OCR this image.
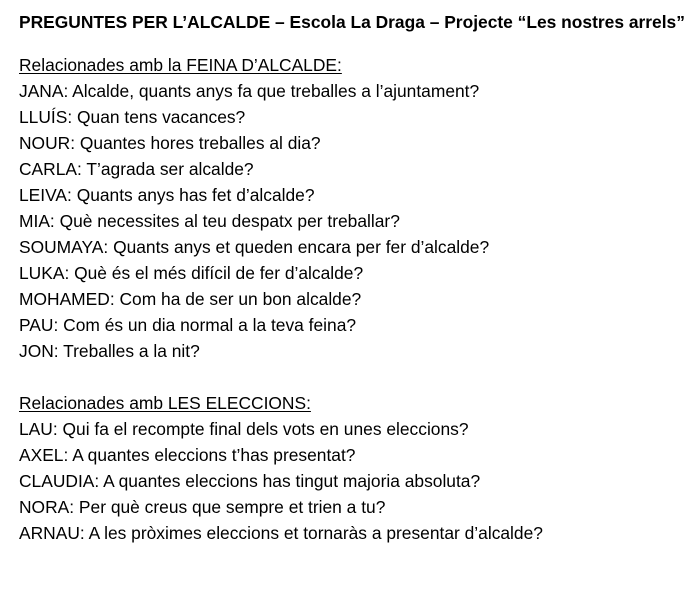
PREGUNTES PER L’ALCALDE – Escola La Draga – Projecte “Les nostres arrels”
Relacionades amb la FEINA D’ALCALDE:
JANA: Alcalde, quants anys fa que treballes a l’ajuntament?
LLUÍS: Quan tens vacances?
NOUR: Quantes hores treballes al dia?
CARLA: T’agrada ser alcalde?
LEIVA: Quants anys has fet d’alcalde?
MIA: Què necessites al teu despatx per treballar?
SOUMAYA: Quants anys et queden encara per fer d’alcalde?
LUKA: Què és el més difícil de fer d’alcalde?
MOHAMED: Com ha de ser un bon alcalde?
PAU: Com és un dia normal a la teva feina?
JON: Treballes a la nit?
Relacionades amb LES ELECCIONS:
LAU: Qui fa el recompte final dels vots en unes eleccions?
AXEL: A quantes eleccions t’has presentat?
CLAUDIA: A quantes eleccions has tingut majoria absoluta?
NORA: Per què creus que sempre et trien a tu?
ARNAU: A les pròximes eleccions et tornaràs a presentar d’alcalde?
